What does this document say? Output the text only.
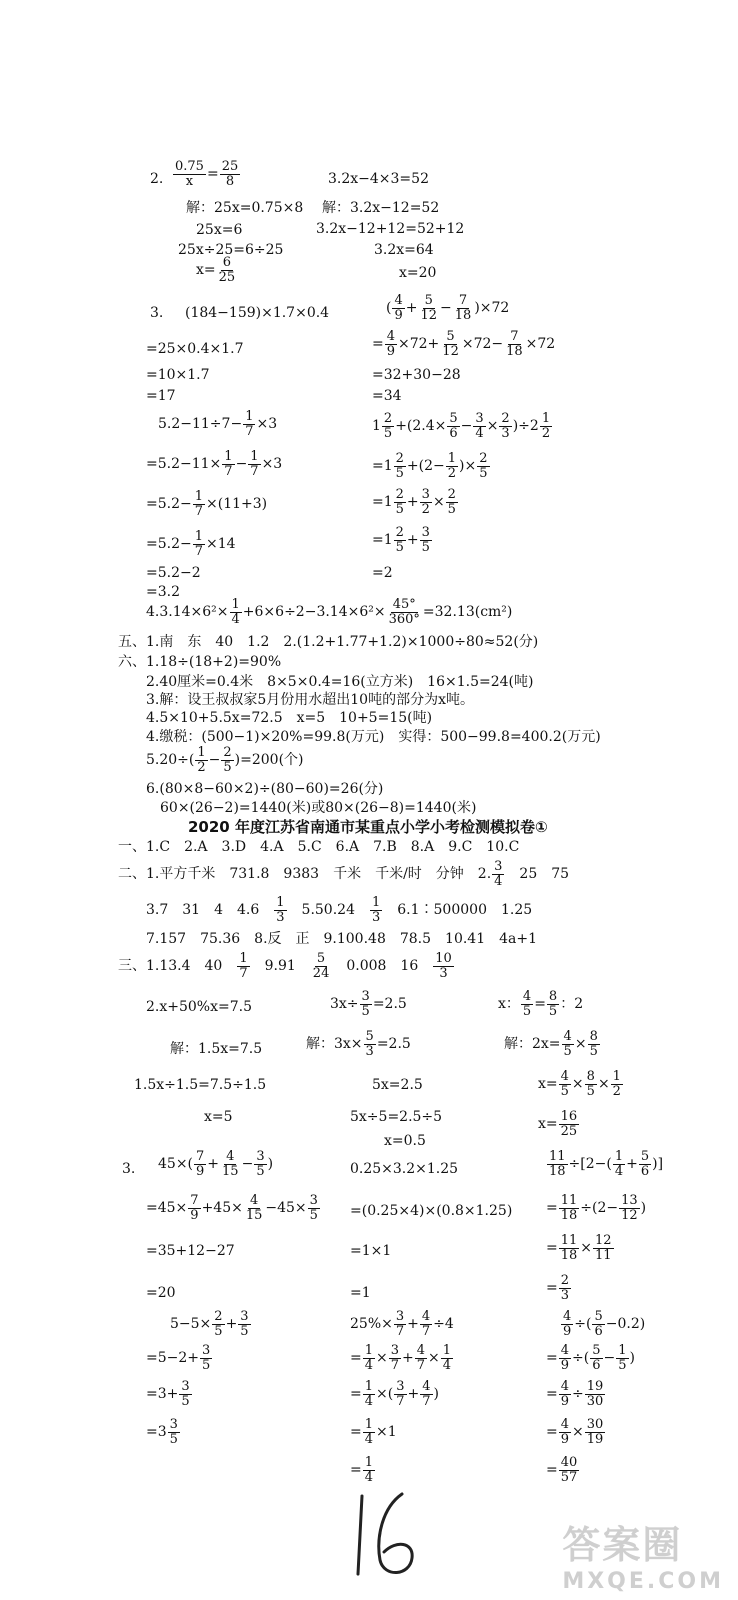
2. $\frac{0.75}{x} = \frac{25}{8}$
解：25x=0.75×8
25x=6
25x÷25=6÷25
$x= \frac{6}{25}$
3.2x−4×3=52
解：3.2x−12=52
3.2x−12+12=52+12
3.2x=64
x=20
3. (184−159)×1.7×0.4
=25×0.4×1.7
=10×1.7
=17
( $\frac{4}{9} + \frac{5}{12} - \frac{7}{18} )\times 72$
= $\frac{4}{9} \times 72+ \frac{5}{12} \times 72- \frac{7}{18} \times 72$
=32+30−28
=34
$5.2-11\div 7- \frac{1}{7} \times 3$
$=5.2-11\times \frac{1}{7} - \frac{1}{7} \times 3$
$=5.2- \frac{1}{7} \times(11+3)$
$=5.2- \frac{1}{7} \times 14$
=5.2−2
=3.2
$1 \frac{2}{5} +(2.4\times \frac{5}{6} - \frac{3}{4} \times \frac{2}{3} )\div 2 \frac{1}{2}$
$=1 \frac{2}{5} +(2- \frac{1}{2}$ )× $\frac{2}{5}$
$=1 \frac{2}{5} + \frac{3}{2} \times \frac{2}{5}$
$=1 \frac{2}{5} + \frac{3}{5}$
=2
$4.3.14\times 6^2\times \frac{1}{4} +6\times 6\div 2-3.14\times 6^2\times \frac{45^\circ}{360^\circ} =32.13(cm^2)$
五、1.南　东　40　1.2　2.(1.2+1.77+1.2)×1000÷80≈52(分)
六、1.18÷(18+2)=90%
2.40厘米=0.4米　8×5×0.4=16(立方米)　16×1.5=24(吨)
3.解：设王叔叔家5月份用水超出10吨的部分为x吨。
4.5×10+5.5x=72.5　x=5　10+5=15(吨)
4.缴税：(500−1)×20%=99.8(万元)　实得：500−99.8=400.2(万元)
$5.20\div( \frac{1}{2} - \frac{2}{5} )=200$(个)
6.(80×8−60×2)÷(80−60)=26(分)
60×(26−2)=1440(米)或80×(26−8)=1440(米)
2020 年度江苏省南通市某重点小学小考检测模拟卷①
一、1.C　2.A　3.D　4.A　5.C　6.A　7.B　8.A　9.C　10.C
二、1.平方千米　731.8　9383　千米　千米/时　分钟　2. $\frac{3}{4}$ 　25　75
3.7　31　4　4.6　 $\frac{1}{3}$ 　5.50.24　 $\frac{1}{3}$ 　6.1∶500000　1.25
7.157　75.36　8.反　正　9.100.48　78.5　10.41　4a+1
三、1.13.4　40　 $\frac{1}{7}$ 　9.91　 $\frac{5}{24}$ 　0.008　16　 $\frac{10}{3}$
2.x+50%x=7.5
解：1.5x=7.5
1.5x÷1.5=7.5÷1.5
x=5
$3x\div \frac{3}{5} =2.5$
解：$3x\times \frac{5}{3} =2.5$
5x=2.5
5x÷5=2.5÷5
x=0.5
x： $\frac{4}{5} = \frac{8}{5}$ ：2
解：$2x= \frac{4}{5} \times \frac{8}{5}$
$x= \frac{4}{5} \times \frac{8}{5} \times \frac{1}{2}$
$x= \frac{16}{25}$
3. $45\times( \frac{7}{9} + \frac{4}{15} - \frac{3}{5}$ )
$=45\times \frac{7}{9} +45\times \frac{4}{15} -45\times \frac{3}{5}$
=35+12−27
=20
$5-5\times \frac{2}{5} + \frac{3}{5}$
$=5-2+ \frac{3}{5}$
$=3+ \frac{3}{5}$
$=3 \frac{3}{5}$
0.25×3.2×1.25
=(0.25×4)×(0.8×1.25)
=1×1
=1
$25\%\times \frac{3}{7} + \frac{4}{7} \div 4$
= $\frac{1}{4} \times \frac{3}{7} + \frac{4}{7} \times \frac{1}{4}$
= $\frac{1}{4}$ ×( $\frac{3}{7} + \frac{4}{7}$ )
= $\frac{1}{4} \times 1$
= $\frac{1}{4}$
$\frac{11}{18} \div[2-( \frac{1}{4} + \frac{5}{6}$ )]
= $\frac{11}{18} \div(2- \frac{13}{12}$ )
= $\frac{11}{18} \times \frac{12}{11}$
= $\frac{2}{3}$
$\frac{4}{9}$ ÷( $\frac{5}{6} -0.2$)
= $\frac{4}{9}$ ÷( $\frac{5}{6} - \frac{1}{5}$ )
= $\frac{4}{9} \div \frac{19}{30}$
= $\frac{4}{9} \times \frac{30}{19}$
= $\frac{40}{57}$
答案圈
MXQE.COM
